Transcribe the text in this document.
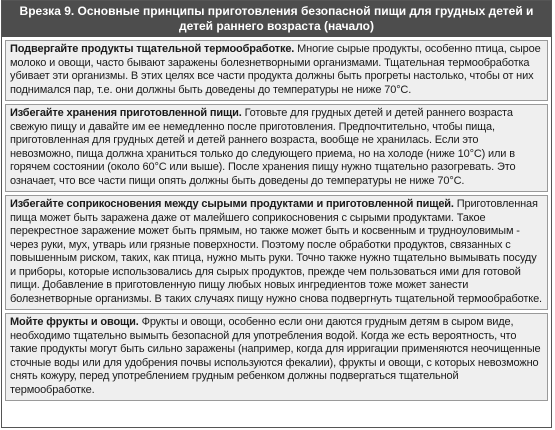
Врезка 9. Основные принципы приготовления безопасной пищи для грудных детей и детей раннего возраста (начало)
Подвергайте продукты тщательной термообработке. Многие сырые продукты, особенно птица, сырое молоко и овощи, часто бывают заражены болезнетворными организмами. Тщательная термообработка убивает эти организмы. В этих целях все части продукта должны быть прогреты настолько, чтобы от них поднимался пар, т.е. они должны быть доведены до температуры не ниже 70°C.
Избегайте хранения приготовленной пищи. Готовьте для грудных детей и детей раннего возраста свежую пищу и давайте им ее немедленно после приготовления. Предпочтительно, чтобы пища, приготовленная для грудных детей и детей раннего возраста, вообще не хранилась. Если это невозможно, пища должна храниться только до следующего приема, но на холоде (ниже 10°C) или в горячем состоянии (около 60°C или выше). После хранения пищу нужно тщательно разогревать. Это означает, что все части пищи опять должны быть доведены до температуры не ниже 70°C.
Избегайте соприкосновения между сырыми продуктами и приготовленной пищей. Приготовленная пища может быть заражена даже от малейшего соприкосновения с сырыми продуктами. Такое перекрестное заражение может быть прямым, но также может быть и косвенным и трудноуловимым - через руки, мух, утварь или грязные поверхности. Поэтому после обработки продуктов, связанных с повышенным риском, таких, как птица, нужно мыть руки. Точно также нужно тщательно вымывать посуду и приборы, которые использовались для сырых продуктов, прежде чем пользоваться ими для готовой пищи. Добавление в приготовленную пищу любых новых ингредиентов тоже может занести болезнетворные организмы. В таких случаях пищу нужно снова подвергнуть тщательной термообработке.
Мойте фрукты и овощи. Фрукты и овощи, особенно если они даются грудным детям в сыром виде, необходимо тщательно вымыть безопасной для употребления водой. Когда же есть вероятность, что такие продукты могут быть сильно заражены (например, когда для ирригации применяются неочищенные сточные воды или для удобрения почвы используются фекалии), фрукты и овощи, с которых невозможно снять кожуру, перед употреблением грудным ребенком должны подвергаться тщательной термообработке.
